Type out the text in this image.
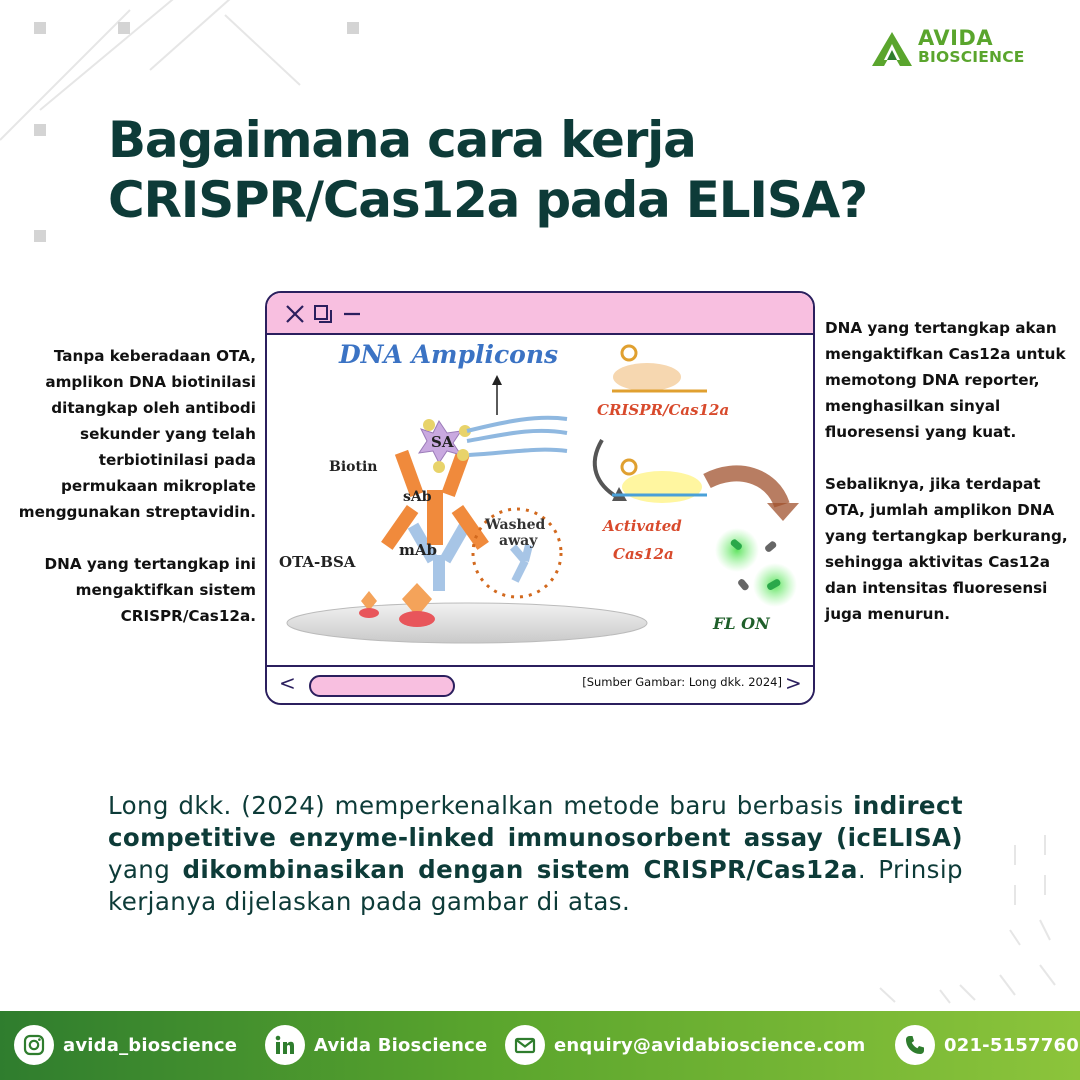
AVIDA
BIOSCIENCE
Bagaimana cara kerja
CRISPR/Cas12a pada ELISA?

Tanpa keberadaan OTA, amplikon DNA biotinilasi ditangkap oleh antibodi sekunder yang telah terbiotinilasi pada permukaan mikroplate menggunakan streptavidin.

DNA yang tertangkap ini mengaktifkan sistem CRISPR/Cas12a.

DNA yang tertangkap akan mengaktifkan Cas12a untuk memotong DNA reporter, menghasilkan sinyal fluoresensi yang kuat.

Sebaliknya, jika terdapat OTA, jumlah amplikon DNA yang tertangkap berkurang, sehingga aktivitas Cas12a dan intensitas fluoresensi juga menurun.

DNA Amplicons
CRISPR/Cas12a
SA
Biotin
sAb
mAb
OTA-BSA
Washed
away
Activated
Cas12a
FL ON
<	[Sumber Gambar: Long dkk. 2024] >
Long dkk. (2024) memperkenalkan metode baru berbasis indirect competitive enzyme-linked immunosorbent assay (icELISA) yang dikombinasikan dengan sistem CRISPR/Cas12a. Prinsip kerjanya dijelaskan pada gambar di atas.
avida_bioscience	Avida Bioscience	enquiry@avidabioscience.com	021-5157760
